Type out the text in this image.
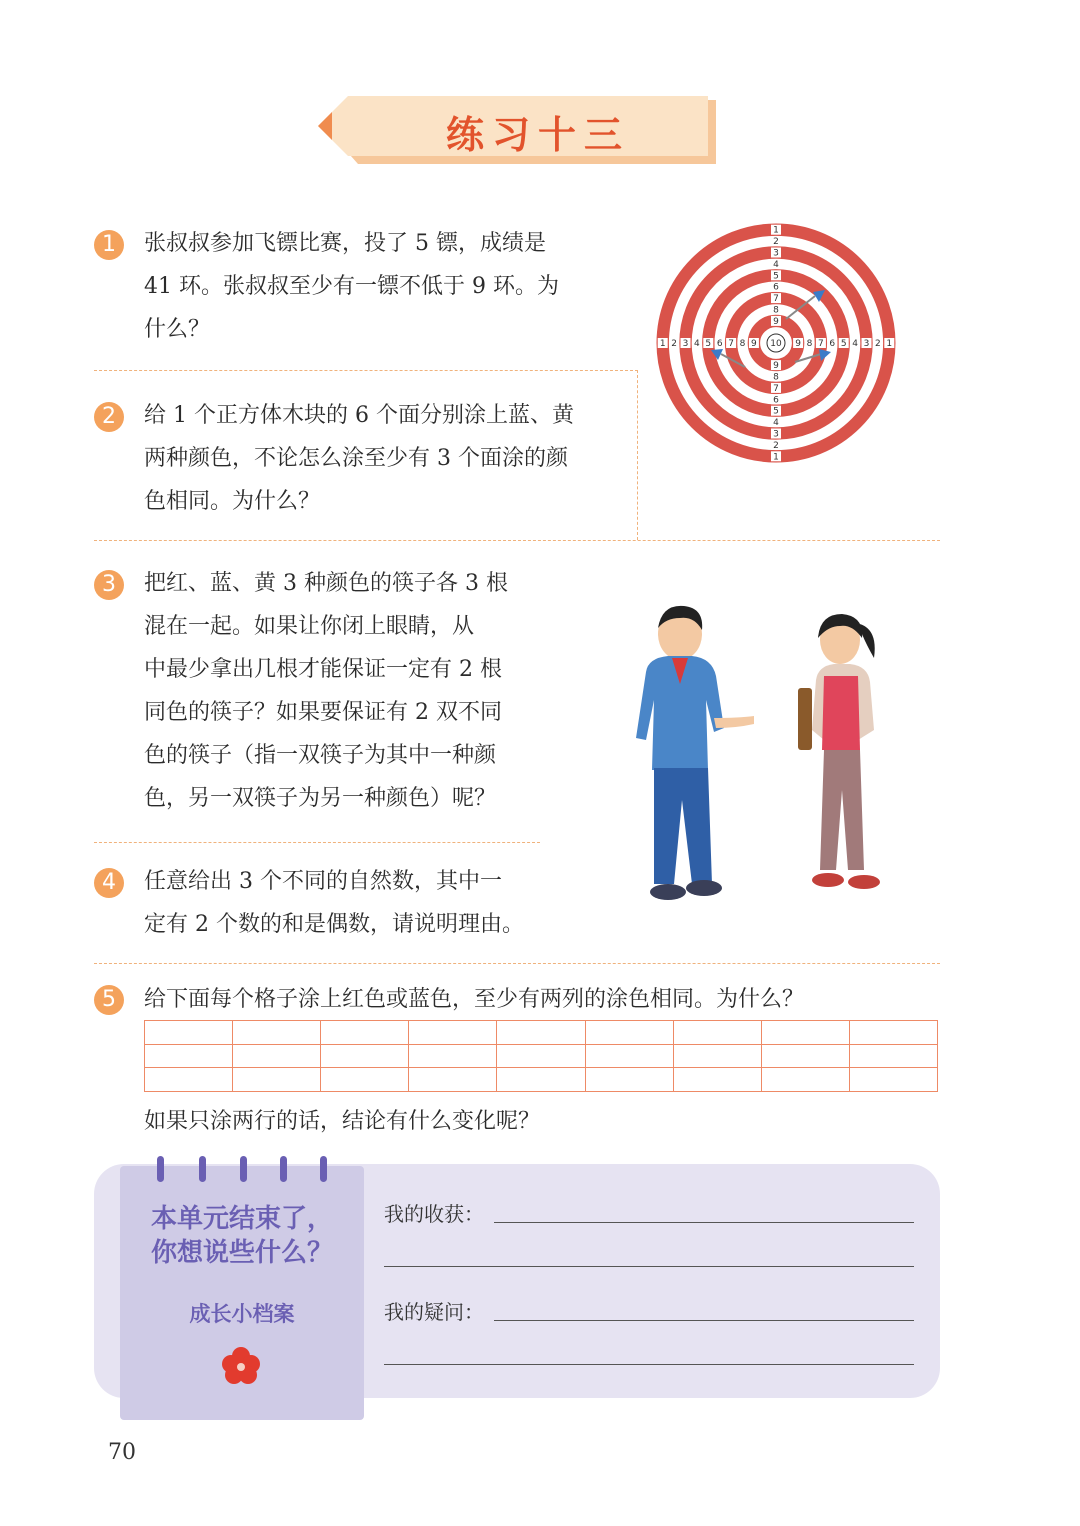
练习十三
1	张叔叔参加飞镖比赛，投了 5 镖，成绩是
41 环。张叔叔至少有一镖不低于 9 环。为
什么？
2	给 1 个正方体木块的 6 个面分别涂上蓝、黄
两种颜色，不论怎么涂至少有 3 个面涂的颜
色相同。为什么？
1
1
1	1
2
2
2	2
3
3
3	3
4
4
4	4
5
5
5	5
6
6
6	6
7
7
7	7
8
8
8	8
9
9
9	9
10
3	把红、蓝、黄 3 种颜色的筷子各 3 根
混在一起。如果让你闭上眼睛，从
中最少拿出几根才能保证一定有 2 根
同色的筷子？如果要保证有 2 双不同
色的筷子（指一双筷子为其中一种颜
色，另一双筷子为另一种颜色）呢？
4	任意给出 3 个不同的自然数，其中一
定有 2 个数的和是偶数，请说明理由。
5	给下面每个格子涂上红色或蓝色，至少有两列的涂色相同。为什么？

如果只涂两行的话，结论有什么变化呢？
本单元结束了，
你想说些什么？
成长小档案
我的收获：
我的疑问：
70
